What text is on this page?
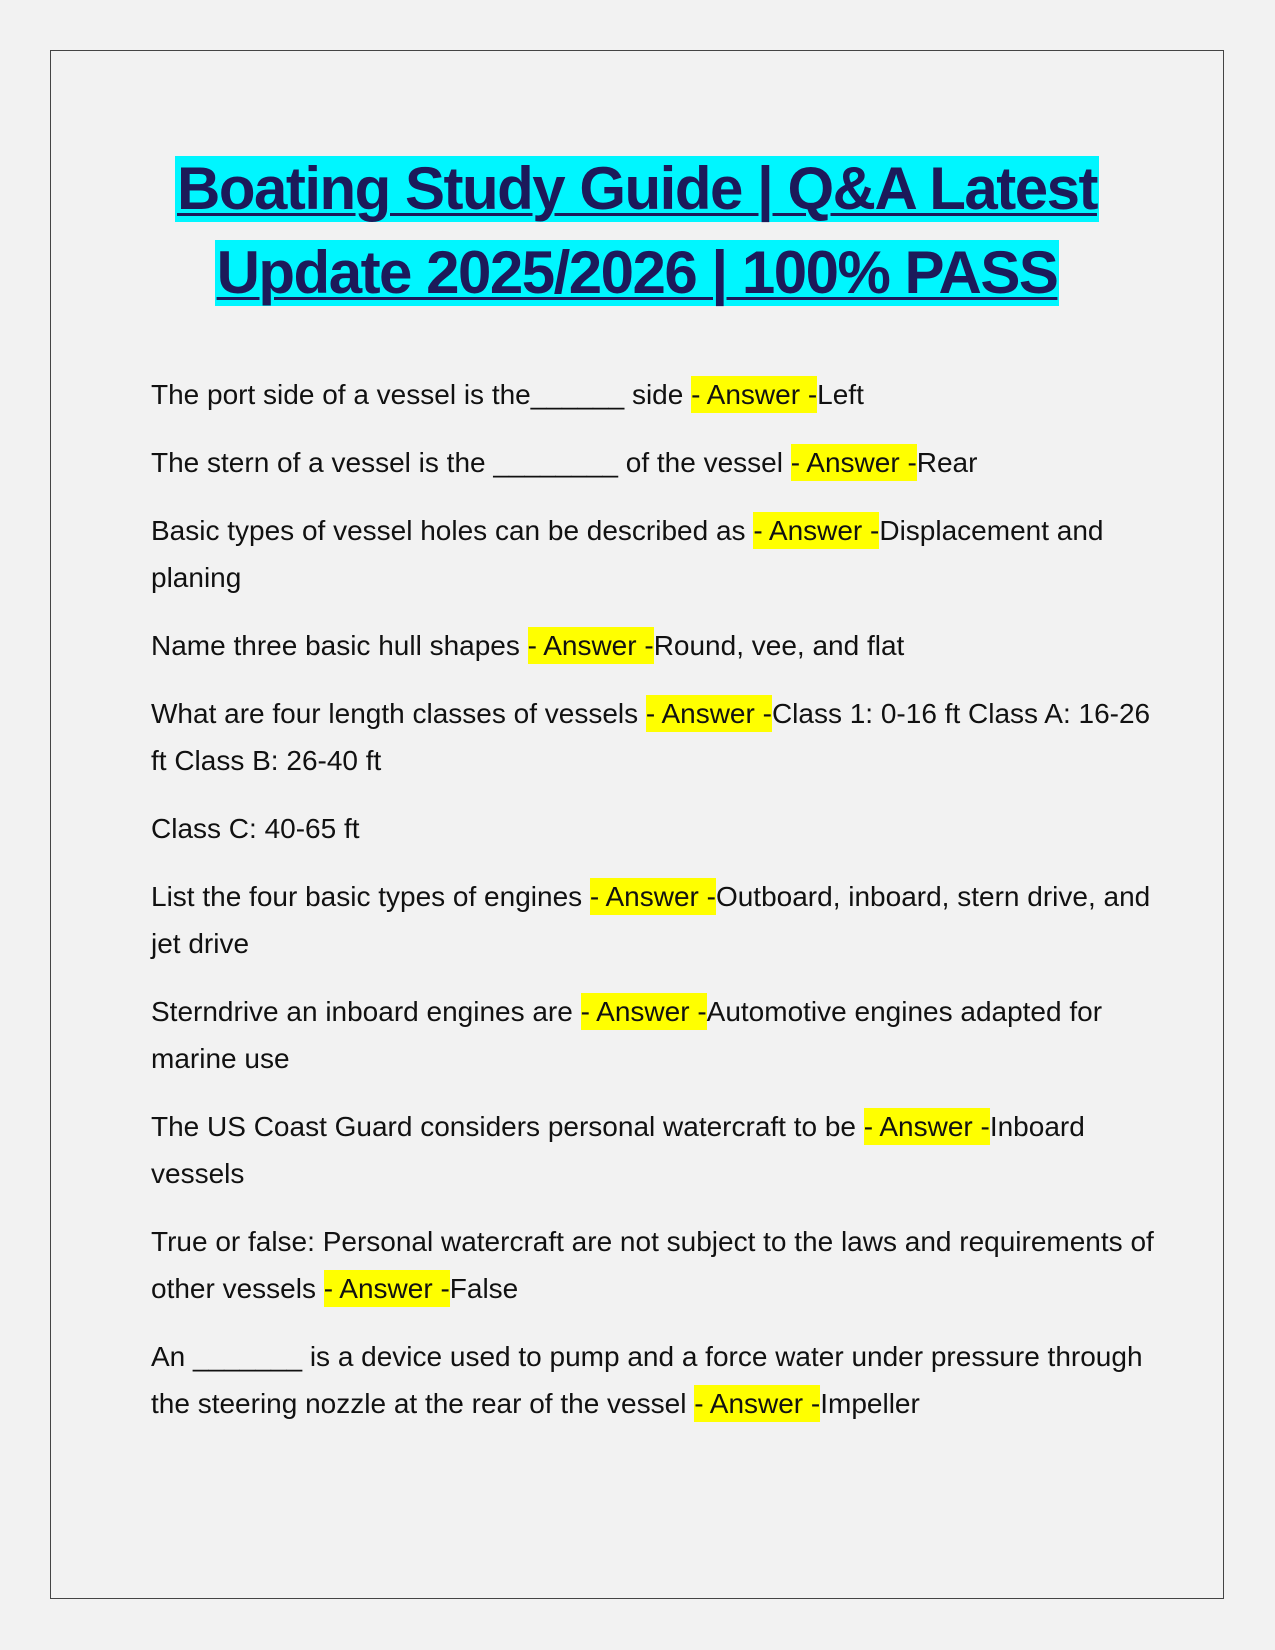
Boating Study Guide | Q&A Latest
Update 2025/2026 | 100% PASS

The port side of a vessel is the______ side - Answer -Left

The stern of a vessel is the ________ of the vessel - Answer -Rear

Basic types of vessel holes can be described as - Answer -Displacement and planing

Name three basic hull shapes - Answer -Round, vee, and flat

What are four length classes of vessels - Answer -Class 1: 0-16 ft Class A: 16-26 ft Class B: 26-40 ft

Class C: 40-65 ft

List the four basic types of engines - Answer -Outboard, inboard, stern drive, and jet drive

Sterndrive an inboard engines are - Answer -Automotive engines adapted for marine use

The US Coast Guard considers personal watercraft to be - Answer -Inboard vessels

True or false: Personal watercraft are not subject to the laws and requirements of other vessels - Answer -False

An _______ is a device used to pump and a force water under pressure through the steering nozzle at the rear of the vessel - Answer -Impeller
